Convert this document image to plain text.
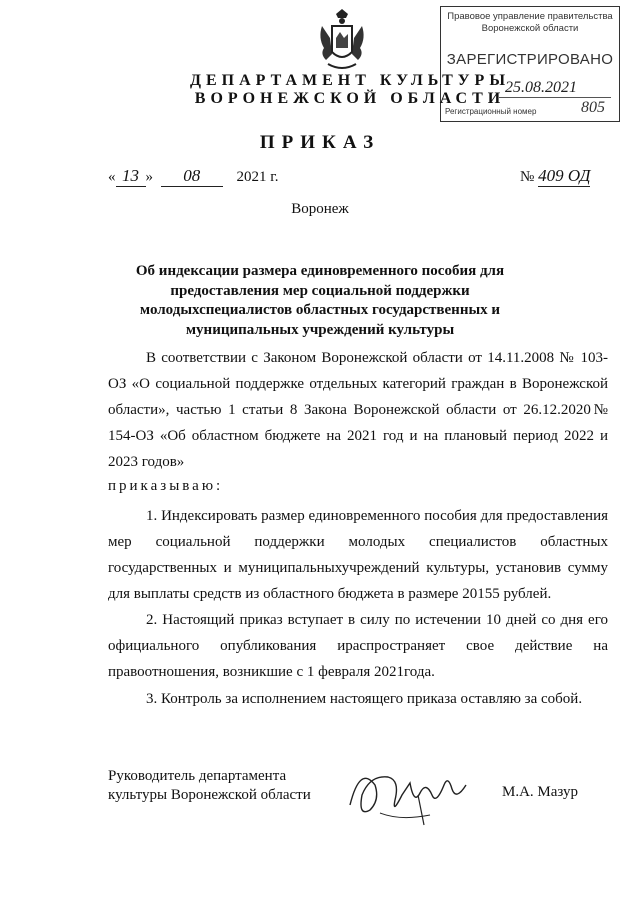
Правовое управление правительства
Воронежской области
ЗАРЕГИСТРИРОВАНО
25.08.2021
Регистрационный номер	805
ДЕПАРТАМЕНТ КУЛЬТУРЫ
ВОРОНЕЖСКОЙ ОБЛАСТИ
ПРИКАЗ
« 13 » 08 2021 г.	№ 409 ОД
Воронеж
Об индексации размера единовременного пособия для предоставления мер социальной поддержки молодыхспециалистов областных государственных и муниципальных учреждений культуры
В соответствии с Законом Воронежской области от 14.11.2008 № 103-ОЗ «О социальной поддержке отдельных категорий граждан в Воронежской области», частью 1 статьи 8 Закона Воронежской области от 26.12.2020№ 154-ОЗ «Об областном бюджете на 2021 год и на плановый период 2022 и 2023 годов»
приказываю:
1. Индексировать размер единовременного пособия для предоставления мер социальной поддержки молодых специалистов областных государственных и муниципальныхучреждений культуры, установив сумму для выплаты средств из областного бюджета в размере 20155 рублей.
2. Настоящий приказ вступает в силу по истечении 10 дней со дня его официального опубликования ираспространяет свое действие на правоотношения, возникшие с 1 февраля 2021года.
3. Контроль за исполнением настоящего приказа оставляю за собой.
Руководитель департамента
культуры Воронежской области	М.А. Мазур
